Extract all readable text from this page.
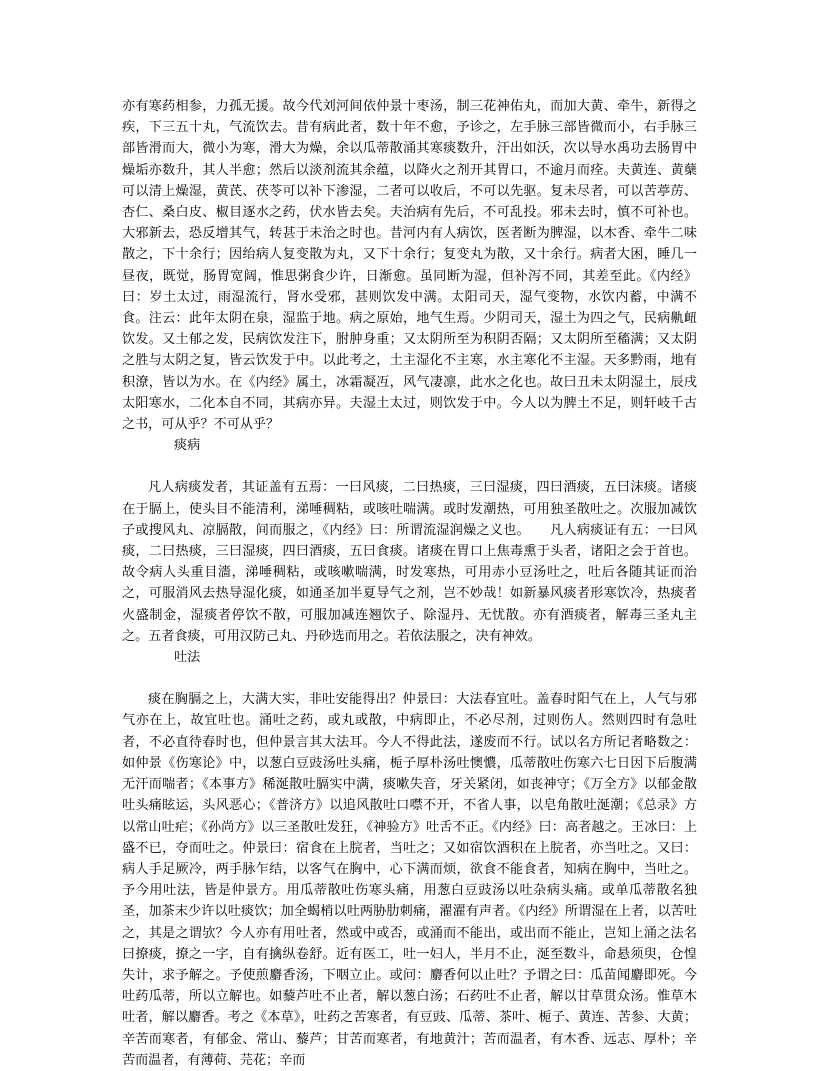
亦有寒药相参，力孤无援。故今代刘河间依仲景十枣汤，制三花神佑丸，而加大黄、牵牛，新得之疾，下三五十丸，气流饮去。昔有病此者，数十年不愈，予诊之，左手脉三部皆微而小，右手脉三部皆滑而大，微小为寒，滑大为燥，余以瓜蒂散涌其寒痰数升，汗出如沃，次以导水禹功去肠胃中燥垢亦数升，其人半愈；然后以淡剂流其余蕴，以降火之剂开其胃口，不逾月而痊。夫黄连、黄蘖可以清上燥湿，黄芪、茯苓可以补下渗湿，二者可以收后，不可以先驱。复未尽者，可以苦葶苈、杏仁、桑白皮、椒目逐水之药，伏水皆去矣。夫治病有先后，不可乱投。邪未去时，慎不可补也。大邪新去，恐反增其气，转甚于未治之时也。昔河内有人病饮，医者断为脾湿，以木香、牵牛二味散之，下十余行；因绐病人复变散为丸，又下十余行；复变丸为散，又十余行。病者大困，睡几一昼夜，既觉，肠胃宽阔，惟思粥食少许，日渐愈。虽同断为湿，但补泻不同，其差至此。《内经》曰：岁土太过，雨湿流行，肾水受邪，甚则饮发中满。太阳司天，湿气变物，水饮内蓄，中满不食。注云：此年太阴在泉，湿监于地。病之原始，地气生焉。少阴司天，湿土为四之气，民病鼽衄饮发。又土郁之发，民病饮发注下，胕肿身重；又太阴所至为积阴否隔；又太阴所至稸满；又太阴之胜与太阴之复，皆云饮发于中。以此考之，土主湿化不主寒，水主寒化不主湿。天多黔雨，地有积潦，皆以为水。在《内经》属土，冰霜凝冱，风气凄凛，此水之化也。故曰丑未太阴湿土，辰戌太阳寒水，二化本自不同，其病亦异。夫湿土太过，则饮发于中。今人以为脾土不足，则轩岐千古之书，可从乎？不可从乎？

痰病

凡人病痰发者，其证盖有五焉：一曰风痰，二曰热痰，三曰湿痰，四曰酒痰，五曰沫痰。诸痰在于膈上，使头目不能清利，涕唾稠粘，或咳吐喘满。或时发潮热，可用独圣散吐之。次服加减饮子或搜风丸、凉膈散，间而服之，《内经》曰：所谓流湿润燥之义也。　　凡人病痰证有五：一曰风痰，二曰热痰，三曰湿痰，四曰酒痰，五曰食痰。诸痰在胃口上焦毒熏于头者，诸阳之会于首也。故令病人头重目濇，涕唾稠粘，或咳嗽喘满，时发寒热，可用赤小豆汤吐之，吐后各随其证而治之，可服消风去热导湿化痰，如通圣加半夏导气之剂，岂不妙哉！如新暴风痰者形寒饮冷，热痰者火盛制金，湿痰者停饮不散，可服加减连翘饮子、除湿丹、无忧散。亦有酒痰者，解毒三圣丸主之。五者食痰，可用汉防己丸、丹砂选而用之。若依法服之，决有神效。

吐法

痰在胸膈之上，大满大实，非吐安能得出？仲景曰：大法春宜吐。盖春时阳气在上，人气与邪气亦在上，故宜吐也。涌吐之药，或丸或散，中病即止，不必尽剂，过则伤人。然则四时有急吐者，不必直待春时也，但仲景言其大法耳。今人不得此法，遂废而不行。试以名方所记者略数之：如仲景《伤寒论》中，以葱白豆豉汤吐头痛，栀子厚朴汤吐懊憹，瓜蒂散吐伤寒六七日因下后腹满无汗而喘者；《本事方》稀涎散吐膈实中满，痰嗽失音，牙关紧闭，如丧神守；《万全方》以郁金散吐头痛眩运，头风恶心；《普济方》以追风散吐口噤不开，不省人事，以皂角散吐涎潮；《总录》方以常山吐疟；《孙尚方》以三圣散吐发狂，《神验方》吐舌不正。《内经》曰：高者越之。王冰曰：上盛不已，夺而吐之。仲景曰：宿食在上脘者，当吐之；又如宿饮酒积在上脘者，亦当吐之。又曰：病人手足厥冷，两手脉乍结，以客气在胸中，心下满而烦，欲食不能食者，知病在胸中，当吐之。予今用吐法，皆是仲景方。用瓜蒂散吐伤寒头痛，用葱白豆豉汤以吐杂病头痛。或单瓜蒂散名独圣，加茶末少许以吐痰饮；加全蝎梢以吐两胁肋刺痛，濯濯有声者。《内经》所谓湿在上者，以苦吐之，其是之谓欤？今人亦有用吐者，然或中或否，或涌而不能出，或出而不能止，岂知上涌之法名曰撩痰，撩之一字，自有擒纵卷舒。近有医工，吐一妇人，半月不止，涎至数斗，命悬须臾，仓惶失计，求予解之。予使煎麝香汤，下咽立止。或问：麝香何以止吐？予谓之曰：瓜苗闻麝即死。今吐药瓜蒂，所以立解也。如藜芦吐不止者，解以葱白汤；石药吐不止者，解以甘草贯众汤。惟草木吐者，解以麝香。考之《本草》，吐药之苦寒者，有豆豉、瓜蒂、茶叶、栀子、黄连、苦参、大黄；辛苦而寒者，有郁金、常山、藜芦；甘苦而寒者，有地黄汁；苦而温者，有木香、远志、厚朴；辛苦而温者，有薄荷、芫花；辛而
